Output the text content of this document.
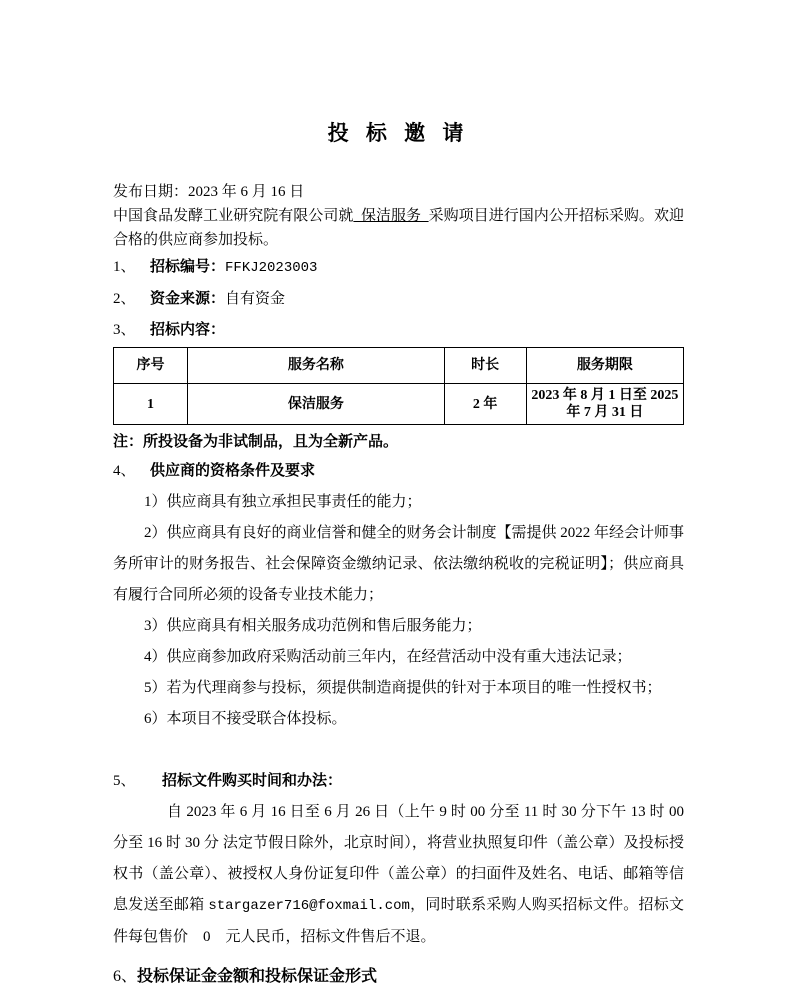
投 标 邀 请
发布日期：2023 年 6 月 16 日
中国食品发酵工业研究院有限公司就  保洁服务  采购项目进行国内公开招标采购。欢迎合格的供应商参加投标。
1、 招标编号：FFKJ2023003
2、 资金来源：自有资金
3、 招标内容：
序号	服务名称	时长	服务期限
1	保洁服务	2 年	2023 年 8 月 1 日至 2025 年 7 月 31 日
注：所投设备为非试制品，且为全新产品。
4、 供应商的资格条件及要求

1）供应商具有独立承担民事责任的能力；

2）供应商具有良好的商业信誉和健全的财务会计制度【需提供 2022 年经会计师事务所审计的财务报告、社会保障资金缴纳记录、依法缴纳税收的完税证明】；供应商具有履行合同所必须的设备专业技术能力；

3）供应商具有相关服务成功范例和售后服务能力；

4）供应商参加政府采购活动前三年内，在经营活动中没有重大违法记录；

5）若为代理商参与投标，须提供制造商提供的针对于本项目的唯一性授权书；

6）本项目不接受联合体投标。

5、 招标文件购买时间和办法：
自 2023 年 6 月 16 日至 6 月 26 日（上午 9 时 00 分至 11 时 30 分下午 13 时 00 分至 16 时 30 分 法定节假日除外，北京时间），将营业执照复印件（盖公章）及投标授权书（盖公章）、被授权人身份证复印件（盖公章）的扫面件及姓名、电话、邮箱等信息发送至邮箱 stargazer716@foxmail.com，同时联系采购人购买招标文件。招标文件每包售价　0　元人民币，招标文件售后不退。
6、投标保证金金额和投标保证金形式
